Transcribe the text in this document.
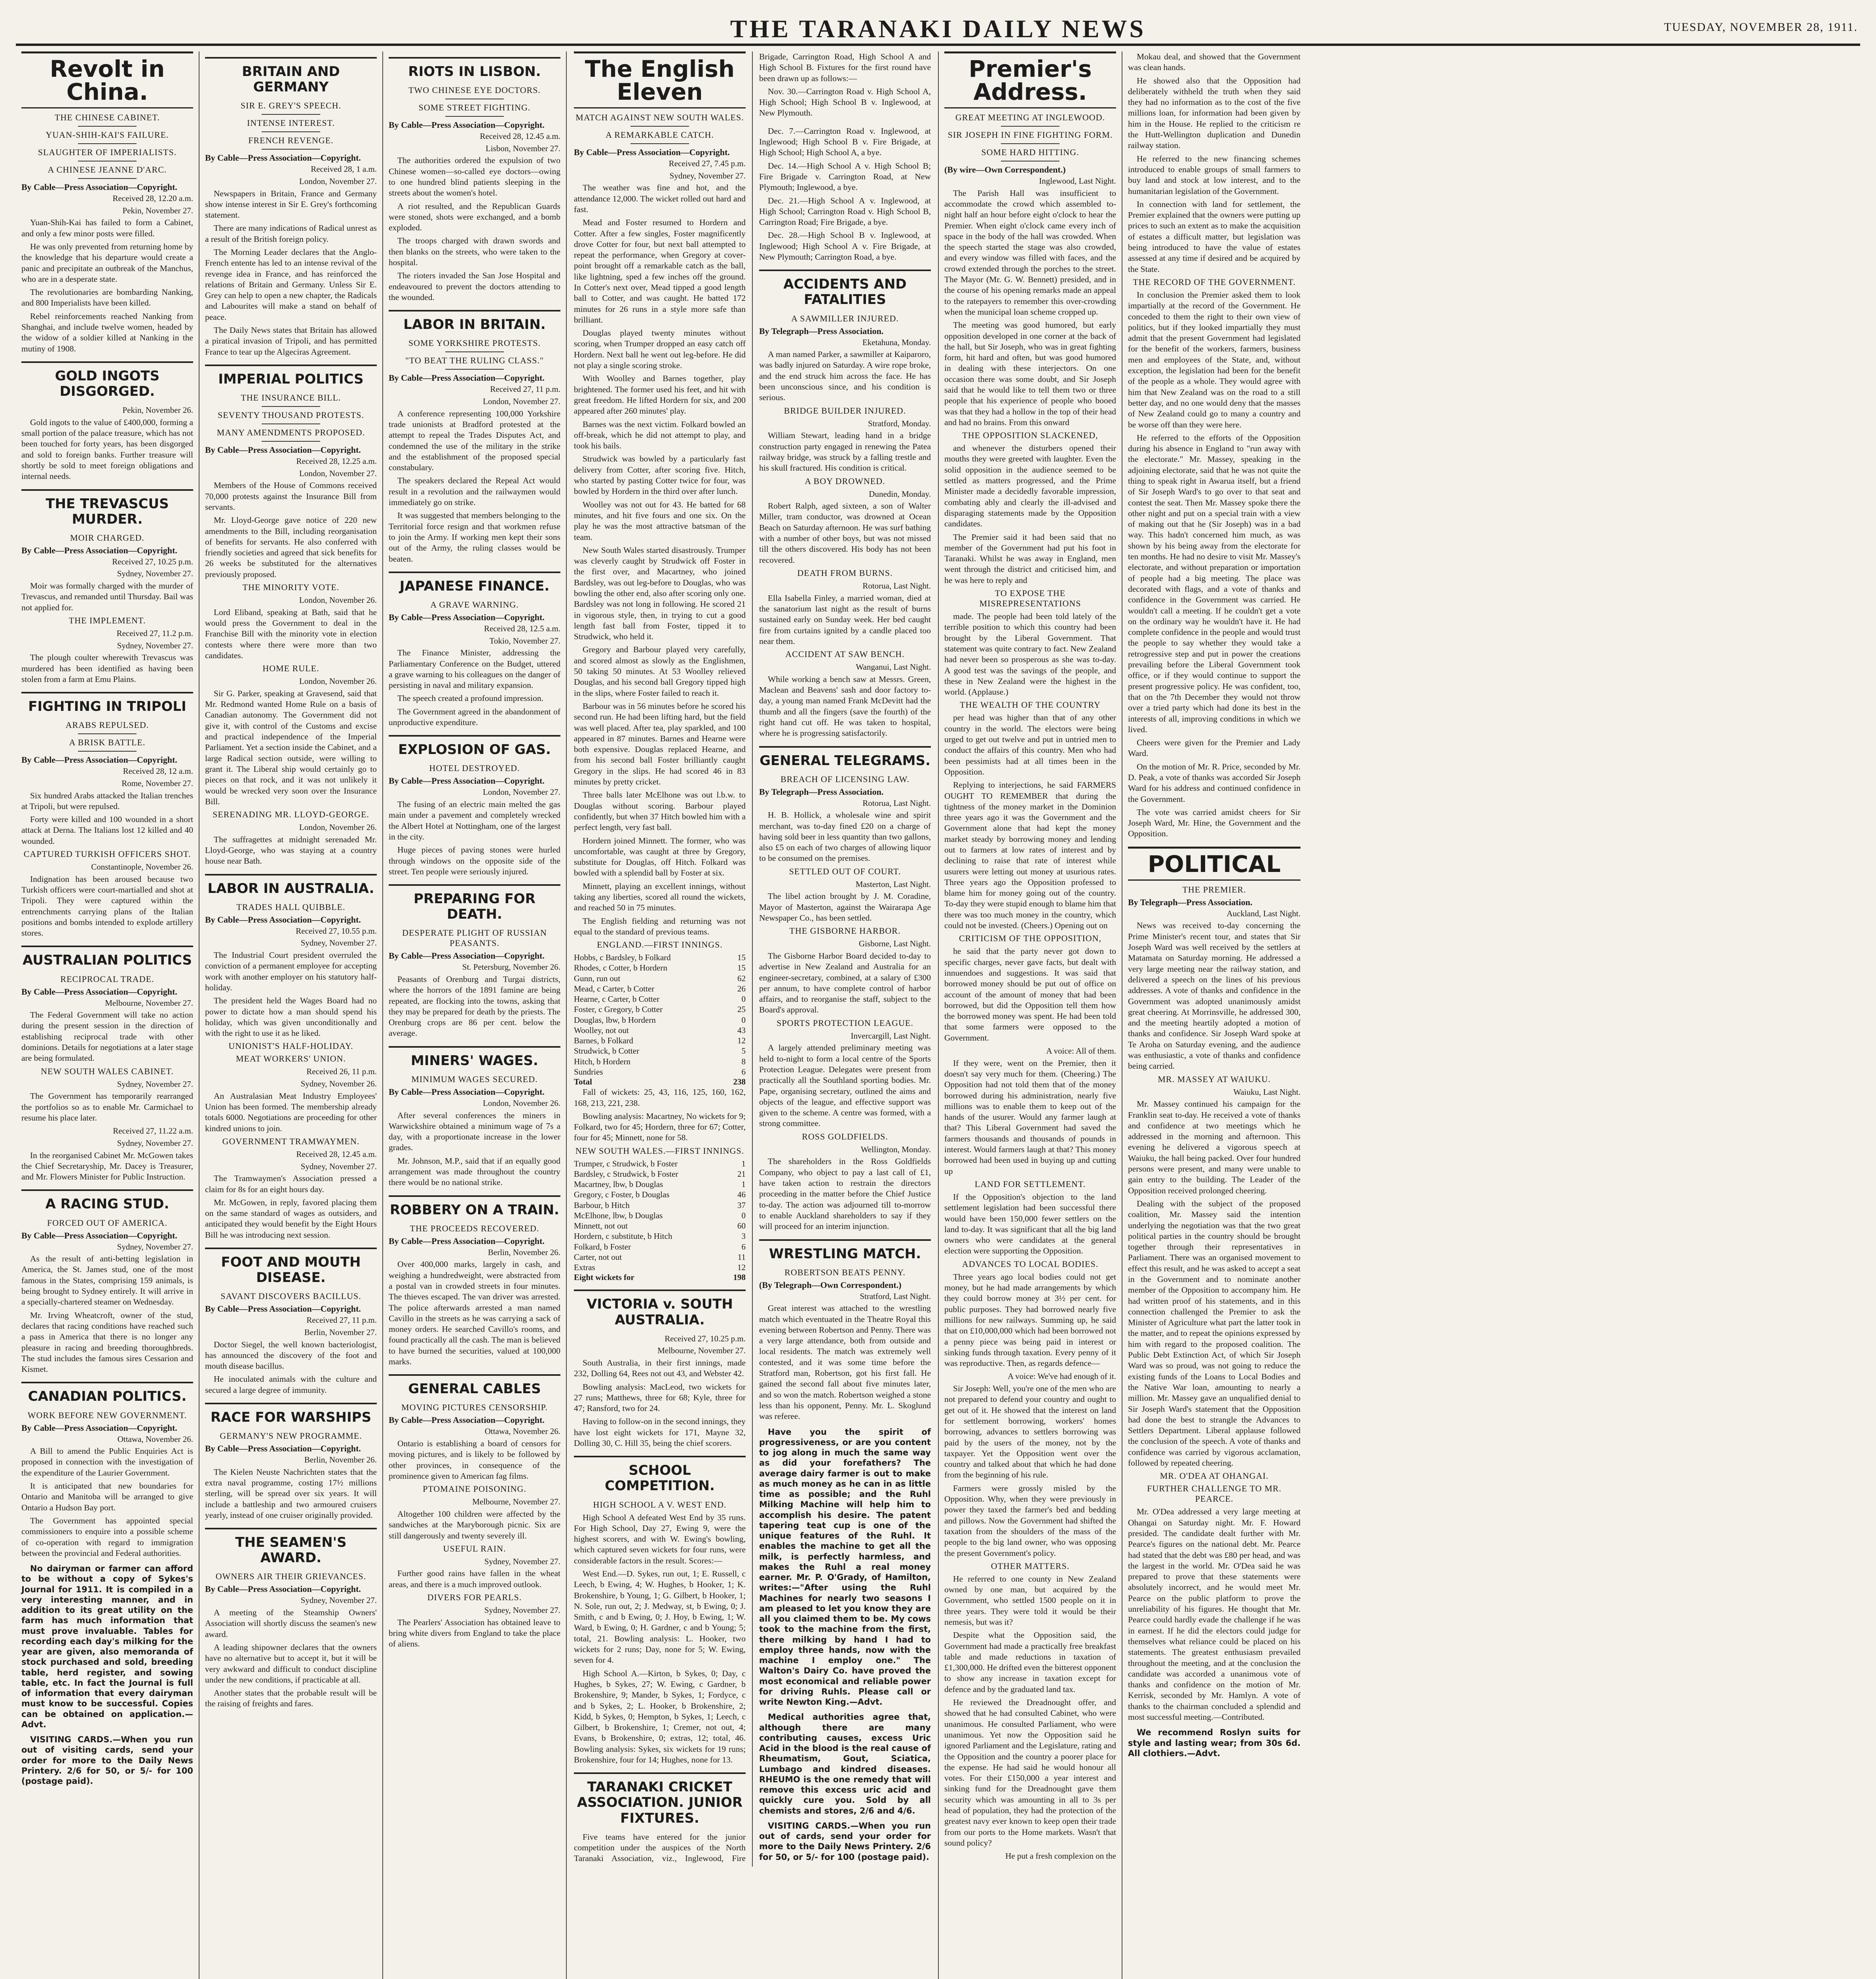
THE TARANAKI DAILY NEWS	TUESDAY, NOVEMBER 28, 1911.
Revolt in China.
THE CHINESE CABINET.
YUAN-SHIH-KAI'S FAILURE.
SLAUGHTER OF IMPERIALISTS.
A CHINESE JEANNE D'ARC.
By Cable—Press Association—Copyright.

Received 28, 12.20 a.m.

Pekin, November 27.

Yuan-Shih-Kai has failed to form a Cabinet, and only a few minor posts were filled.

He was only prevented from returning home by the knowledge that his departure would create a panic and precipitate an outbreak of the Manchus, who are in a desperate state.

The revolutionaries are bombarding Nanking, and 800 Imperialists have been killed.

Rebel reinforcements reached Nanking from Shanghai, and include twelve women, headed by the widow of a soldier killed at Nanking in the mutiny of 1908.

GOLD INGOTS DISGORGED.

Pekin, November 26.

Gold ingots to the value of £400,000, forming a small portion of the palace treasure, which has not been touched for forty years, has been disgorged and sold to foreign banks. Further treasure will shortly be sold to meet foreign obligations and internal needs.

THE TREVASCUS MURDER.
MOIR CHARGED.
By Cable—Press Association—Copyright.

Received 27, 10.25 p.m.

Sydney, November 27.

Moir was formally charged with the murder of Trevascus, and remanded until Thursday. Bail was not applied for.

THE IMPLEMENT.

Received 27, 11.2 p.m.

Sydney, November 27.

The plough coulter wherewith Trevascus was murdered has been identified as having been stolen from a farm at Emu Plains.

FIGHTING IN TRIPOLI
ARABS REPULSED.
A BRISK BATTLE.
By Cable—Press Association—Copyright.

Received 28, 12 a.m.

Rome, November 27.

Six hundred Arabs attacked the Italian trenches at Tripoli, but were repulsed.

Forty were killed and 100 wounded in a short attack at Derna. The Italians lost 12 killed and 40 wounded.

CAPTURED TURKISH OFFICERS SHOT.

Constantinople, November 26.

Indignation has been aroused because two Turkish officers were court-martialled and shot at Tripoli. They were captured within the entrenchments carrying plans of the Italian positions and bombs intended to explode artillery stores.

AUSTRALIAN POLITICS
RECIPROCAL TRADE.
By Cable—Press Association—Copyright.

Melbourne, November 27.

The Federal Government will take no action during the present session in the direction of establishing reciprocal trade with other dominions. Details for negotiations at a later stage are being formulated.

NEW SOUTH WALES CABINET.

Sydney, November 27.

The Government has temporarily rearranged the portfolios so as to enable Mr. Carmichael to resume his place later.

Received 27, 11.22 a.m.

Sydney, November 27.

In the reorganised Cabinet Mr. McGowen takes the Chief Secretaryship, Mr. Dacey is Treasurer, and Mr. Flowers Minister for Public Instruction.

A RACING STUD.
FORCED OUT OF AMERICA.
By Cable—Press Association—Copyright.

Sydney, November 27.

As the result of anti-betting legislation in America, the St. James stud, one of the most famous in the States, comprising 159 animals, is being brought to Sydney entirely. It will arrive in a specially-chartered steamer on Wednesday.

Mr. Irving Wheatcroft, owner of the stud, declares that racing conditions have reached such a pass in America that there is no longer any pleasure in racing and breeding thoroughbreds. The stud includes the famous sires Cessarion and Kismet.

CANADIAN POLITICS.
WORK BEFORE NEW GOVERNMENT.
By Cable—Press Association—Copyright.

Ottawa, November 26.

A Bill to amend the Public Enquiries Act is proposed in connection with the investigation of the expenditure of the Laurier Government.

It is anticipated that new boundaries for Ontario and Manitoba will be arranged to give Ontario a Hudson Bay port.

The Government has appointed special commissioners to enquire into a possible scheme of co-operation with regard to immigration between the provincial and Federal authorities.

No dairyman or farmer can afford to be without a copy of Sykes's Journal for 1911. It is compiled in a very interesting manner, and in addition to its great utility on the farm has much information that must prove invaluable. Tables for recording each day's milking for the year are given, also memoranda of stock purchased and sold, breeding table, herd register, and sowing table, etc. In fact the Journal is full of information that every dairyman must know to be successful. Copies can be obtained on application.—Advt.

VISITING CARDS.—When you run out of visiting cards, send your order for more to the Daily News Printery. 2/6 for 50, or 5/- for 100 (postage paid).

BRITAIN AND GERMANY
SIR E. GREY'S SPEECH.
INTENSE INTEREST.
FRENCH REVENGE.
By Cable—Press Association—Copyright.

Received 28, 1 a.m.

London, November 27.

Newspapers in Britain, France and Germany show intense interest in Sir E. Grey's forthcoming statement.

There are many indications of Radical unrest as a result of the British foreign policy.

The Morning Leader declares that the Anglo-French entente has led to an intense revival of the revenge idea in France, and has reinforced the relations of Britain and Germany. Unless Sir E. Grey can help to open a new chapter, the Radicals and Labourites will make a stand on behalf of peace.

The Daily News states that Britain has allowed a piratical invasion of Tripoli, and has permitted France to tear up the Algeciras Agreement.

IMPERIAL POLITICS
THE INSURANCE BILL.
SEVENTY THOUSAND PROTESTS.
MANY AMENDMENTS PROPOSED.
By Cable—Press Association—Copyright.

Received 28, 12.25 a.m.

London, November 27.

Members of the House of Commons received 70,000 protests against the Insurance Bill from servants.

Mr. Lloyd-George gave notice of 220 new amendments to the Bill, including reorganisation of benefits for servants. He also conferred with friendly societies and agreed that sick benefits for 26 weeks be substituted for the alternatives previously proposed.

THE MINORITY VOTE.

London, November 26.

Lord Eliband, speaking at Bath, said that he would press the Government to deal in the Franchise Bill with the minority vote in election contests where there were more than two candidates.

HOME RULE.

London, November 26.

Sir G. Parker, speaking at Gravesend, said that Mr. Redmond wanted Home Rule on a basis of Canadian autonomy. The Government did not give it, with control of the Customs and excise and practical independence of the Imperial Parliament. Yet a section inside the Cabinet, and a large Radical section outside, were willing to grant it. The Liberal ship would certainly go to pieces on that rock, and it was not unlikely it would be wrecked very soon over the Insurance Bill.

SERENADING MR. LLOYD-GEORGE.

London, November 26.

The suffragettes at midnight serenaded Mr. Lloyd-George, who was staying at a country house near Bath.

LABOR IN AUSTRALIA.
TRADES HALL QUIBBLE.
By Cable—Press Association—Copyright.

Received 27, 10.55 p.m.

Sydney, November 27.

The Industrial Court president overruled the conviction of a permanent employee for accepting work with another employer on his statutory half-holiday.

The president held the Wages Board had no power to dictate how a man should spend his holiday, which was given unconditionally and with the right to use it as he liked.

UNIONIST'S HALF-HOLIDAY.
MEAT WORKERS' UNION.

Received 26, 11 p.m.

Sydney, November 26.

An Australasian Meat Industry Employees' Union has been formed. The membership already totals 6000. Negotiations are proceeding for other kindred unions to join.

GOVERNMENT TRAMWAYMEN.

Received 28, 12.45 a.m.

Sydney, November 27.

The Tramwaymen's Association pressed a claim for 8s for an eight hours day.

Mr. McGowen, in reply, favored placing them on the same standard of wages as outsiders, and anticipated they would benefit by the Eight Hours Bill he was introducing next session.

FOOT AND MOUTH DISEASE.
SAVANT DISCOVERS BACILLUS.
By Cable—Press Association—Copyright.

Received 27, 11 p.m.

Berlin, November 27.

Doctor Siegel, the well known bacteriologist, has announced the discovery of the foot and mouth disease bacillus.

He inoculated animals with the culture and secured a large degree of immunity.

RACE FOR WARSHIPS
GERMANY'S NEW PROGRAMME.
By Cable—Press Association—Copyright.

Berlin, November 26.

The Kielen Neuste Nachrichten states that the extra naval programme, costing 17½ millions sterling, will be spread over six years. It will include a battleship and two armoured cruisers yearly, instead of one cruiser originally provided.

THE SEAMEN'S AWARD.
OWNERS AIR THEIR GRIEVANCES.
By Cable—Press Association—Copyright.

Sydney, November 27.

A meeting of the Steamship Owners' Association will shortly discuss the seamen's new award.

A leading shipowner declares that the owners have no alternative but to accept it, but it will be very awkward and difficult to conduct discipline under the new conditions, if practicable at all.

Another states that the probable result will be the raising of freights and fares.

RIOTS IN LISBON.
TWO CHINESE EYE DOCTORS.
SOME STREET FIGHTING.
By Cable—Press Association—Copyright.

Received 28, 12.45 a.m.

Lisbon, November 27.

The authorities ordered the expulsion of two Chinese women—so-called eye doctors—owing to one hundred blind patients sleeping in the streets about the women's hotel.

A riot resulted, and the Republican Guards were stoned, shots were exchanged, and a bomb exploded.

The troops charged with drawn swords and then blanks on the streets, who were taken to the hospital.

The rioters invaded the San Jose Hospital and endeavoured to prevent the doctors attending to the wounded.

LABOR IN BRITAIN.
SOME YORKSHIRE PROTESTS.
"TO BEAT THE RULING CLASS."
By Cable—Press Association—Copyright.

Received 27, 11 p.m.

London, November 27.

A conference representing 100,000 Yorkshire trade unionists at Bradford protested at the attempt to repeal the Trades Disputes Act, and condemned the use of the military in the strike and the establishment of the proposed special constabulary.

The speakers declared the Repeal Act would result in a revolution and the railwaymen would immediately go on strike.

It was suggested that members belonging to the Territorial force resign and that workmen refuse to join the Army. If working men kept their sons out of the Army, the ruling classes would be beaten.

JAPANESE FINANCE.
A GRAVE WARNING.
By Cable—Press Association—Copyright.

Received 28, 12.5 a.m.

Tokio, November 27.

The Finance Minister, addressing the Parliamentary Conference on the Budget, uttered a grave warning to his colleagues on the danger of persisting in naval and military expansion.

The speech created a profound impression.

The Government agreed in the abandonment of unproductive expenditure.

EXPLOSION OF GAS.
HOTEL DESTROYED.
By Cable—Press Association—Copyright.

London, November 27.

The fusing of an electric main melted the gas main under a pavement and completely wrecked the Albert Hotel at Nottingham, one of the largest in the city.

Huge pieces of paving stones were hurled through windows on the opposite side of the street. Ten people were seriously injured.

PREPARING FOR DEATH.
DESPERATE PLIGHT OF RUSSIAN PEASANTS.
By Cable—Press Association—Copyright.

St. Petersburg, November 26.

Peasants of Orenburg and Turgai districts, where the horrors of the 1891 famine are being repeated, are flocking into the towns, asking that they may be prepared for death by the priests. The Orenburg crops are 86 per cent. below the average.

MINERS' WAGES.
MINIMUM WAGES SECURED.
By Cable—Press Association—Copyright.

London, November 26.

After several conferences the miners in Warwickshire obtained a minimum wage of 7s a day, with a proportionate increase in the lower grades.

Mr. Johnson, M.P., said that if an equally good arrangement was made throughout the country there would be no national strike.

ROBBERY ON A TRAIN.
THE PROCEEDS RECOVERED.
By Cable—Press Association—Copyright.

Berlin, November 26.

Over 400,000 marks, largely in cash, and weighing a hundredweight, were abstracted from a postal van in crowded streets in four minutes. The thieves escaped. The van driver was arrested. The police afterwards arrested a man named Cavillo in the streets as he was carrying a sack of money orders. He searched Cavillo's rooms, and found practically all the cash. The man is believed to have burned the securities, valued at 100,000 marks.

GENERAL CABLES
MOVING PICTURES CENSORSHIP.
By Cable—Press Association—Copyright.

Ottawa, November 26.

Ontario is establishing a board of censors for moving pictures, and is likely to be followed by other provinces, in consequence of the prominence given to American fag films.

PTOMAINE POISONING.

Melbourne, November 27.

Altogether 100 children were affected by the sandwiches at the Maryborough picnic. Six are still dangerously and twenty severely ill.

USEFUL RAIN.

Sydney, November 27.

Further good rains have fallen in the wheat areas, and there is a much improved outlook.

DIVERS FOR PEARLS.

Sydney, November 27.

The Pearlers' Association has obtained leave to bring white divers from England to take the place of aliens.

The English Eleven
MATCH AGAINST NEW SOUTH WALES.
A REMARKABLE CATCH.
By Cable—Press Association—Copyright.

Received 27, 7.45 p.m.

Sydney, November 27.

The weather was fine and hot, and the attendance 12,000. The wicket rolled out hard and fast.

Mead and Foster resumed to Hordern and Cotter. After a few singles, Foster magnificently drove Cotter for four, but next ball attempted to repeat the performance, when Gregory at cover-point brought off a remarkable catch as the ball, like lightning, sped a few inches off the ground. In Cotter's next over, Mead tipped a good length ball to Cotter, and was caught. He batted 172 minutes for 26 runs in a style more safe than brilliant.

Douglas played twenty minutes without scoring, when Trumper dropped an easy catch off Hordern. Next ball he went out leg-before. He did not play a single scoring stroke.

With Woolley and Barnes together, play brightened. The former used his feet, and hit with great freedom. He lifted Hordern for six, and 200 appeared after 260 minutes' play.

Barnes was the next victim. Folkard bowled an off-break, which he did not attempt to play, and took his bails.

Strudwick was bowled by a particularly fast delivery from Cotter, after scoring five. Hitch, who started by pasting Cotter twice for four, was bowled by Hordern in the third over after lunch.

Woolley was not out for 43. He batted for 68 minutes, and hit five fours and one six. On the play he was the most attractive batsman of the team.

New South Wales started disastrously. Trumper was cleverly caught by Strudwick off Foster in the first over, and Macartney, who joined Bardsley, was out leg-before to Douglas, who was bowling the other end, also after scoring only one. Bardsley was not long in following. He scored 21 in vigorous style, then, in trying to cut a good length fast ball from Foster, tipped it to Strudwick, who held it.

Gregory and Barbour played very carefully, and scored almost as slowly as the Englishmen, 50 taking 50 minutes. At 53 Woolley relieved Douglas, and his second ball Gregory tipped high in the slips, where Foster failed to reach it.

Barbour was in 56 minutes before he scored his second run. He had been lifting hard, but the field was well placed. After tea, play sparkled, and 100 appeared in 87 minutes. Barnes and Hearne were both expensive. Douglas replaced Hearne, and from his second ball Foster brilliantly caught Gregory in the slips. He had scored 46 in 83 minutes by pretty cricket.

Three balls later McElhone was out l.b.w. to Douglas without scoring. Barbour played confidently, but when 37 Hitch bowled him with a perfect length, very fast ball.

Hordern joined Minnett. The former, who was uncomfortable, was caught at three by Gregory, substitute for Douglas, off Hitch. Folkard was bowled with a splendid ball by Foster at six.

Minnett, playing an excellent innings, without taking any liberties, scored all round the wickets, and reached 50 in 75 minutes.

The English fielding and returning was not equal to the standard of previous teams.

ENGLAND.—FIRST INNINGS.
Hobbs, c Bardsley, b Folkard	15
Rhodes, c Cotter, b Hordern	15
Gunn, run out	62
Mead, c Carter, b Cotter	26
Hearne, c Carter, b Cotter	0
Foster, c Gregory, b Cotter	25
Douglas, lbw, b Hordern	0
Woolley, not out	43
Barnes, b Folkard	12
Strudwick, b Cotter	5
Hitch, b Hordern	8
Sundries	6
Total	238

Fall of wickets: 25, 43, 116, 125, 160, 162, 168, 213, 221, 238.

Bowling analysis: Macartney, No wickets for 9; Folkard, two for 45; Hordern, three for 67; Cotter, four for 45; Minnett, none for 58.

NEW SOUTH WALES.—FIRST INNINGS.
Trumper, c Strudwick, b Foster	1
Bardsley, c Strudwick, b Foster	21
Macartney, lbw, b Douglas	1
Gregory, c Foster, b Douglas	46
Barbour, b Hitch	37
McElhone, lbw, b Douglas	0
Minnett, not out	60
Hordern, c substitute, b Hitch	3
Folkard, b Foster	6
Carter, not out	11
Extras	12
Eight wickets for	198
VICTORIA v. SOUTH AUSTRALIA.

Received 27, 10.25 p.m.

Melbourne, November 27.

South Australia, in their first innings, made 232, Dolling 64, Rees not out 43, and Webster 42.

Bowling analysis: MacLeod, two wickets for 27 runs; Matthews, three for 68; Kyle, three for 47; Ransford, two for 24.

Having to follow-on in the second innings, they have lost eight wickets for 171, Mayne 32, Dolling 30, C. Hill 35, being the chief scorers.

SCHOOL COMPETITION.
HIGH SCHOOL A V. WEST END.

High School A defeated West End by 35 runs. For High School, Day 27, Ewing 9, were the highest scorers, and with W. Ewing's bowling, which captured seven wickets for four runs, were considerable factors in the result. Scores:—

West End.—D. Sykes, run out, 1; E. Russell, c Leech, b Ewing, 4; W. Hughes, b Hooker, 1; K. Brokenshire, b Young, 1; G. Gilbert, b Hooker, 1; N. Sole, run out, 2; J. Medway, st, b Ewing, 0; J. Smith, c and b Ewing, 0; J. Hoy, b Ewing, 1; W. Ward, b Ewing, 0; H. Gardner, c and b Young; 5; total, 21. Bowling analysis: L. Hooker, two wickets for 2 runs; Day, none for 5; W. Ewing, seven for 4.

High School A.—Kirton, b Sykes, 0; Day, c Hughes, b Sykes, 27; W. Ewing, c Gardner, b Brokenshire, 9; Mander, b Sykes, 1; Fordyce, c and b Sykes, 2; L. Hooker, b Brokenshire, 2; Kidd, b Sykes, 0; Hempton, b Sykes, 1; Leech, c Gilbert, b Brokenshire, 1; Cremer, not out, 4; Evans, b Brokenshire, 0; extras, 12; total, 46. Bowling analysis: Sykes, six wickets for 19 runs; Brokenshire, four for 14; Hughes, none for 13.

TARANAKI CRICKET ASSOCIATION. JUNIOR FIXTURES.

Five teams have entered for the junior competition under the auspices of the North Taranaki Association, viz., Inglewood, Fire Brigade, Carrington Road, High School A and High School B. Fixtures for the first round have been drawn up as follows:—

Nov. 30.—Carrington Road v. High School A, High School; High School B v. Inglewood, at New Plymouth.

Dec. 7.—Carrington Road v. Inglewood, at Inglewood; High School B v. Fire Brigade, at High School; High School A, a bye.

Dec. 14.—High School A v. High School B; Fire Brigade v. Carrington Road, at New Plymouth; Inglewood, a bye.

Dec. 21.—High School A v. Inglewood, at High School; Carrington Road v. High School B, Carrington Road; Fire Brigade, a bye.

Dec. 28.—High School B v. Inglewood, at Inglewood; High School A v. Fire Brigade, at New Plymouth; Carrington Road, a bye.

ACCIDENTS AND FATALITIES
A SAWMILLER INJURED.
By Telegraph—Press Association.

Eketahuna, Monday.

A man named Parker, a sawmiller at Kaiparoro, was badly injured on Saturday. A wire rope broke, and the end struck him across the face. He has been unconscious since, and his condition is serious.

BRIDGE BUILDER INJURED.

Stratford, Monday.

William Stewart, leading hand in a bridge construction party engaged in renewing the Patea railway bridge, was struck by a falling trestle and his skull fractured. His condition is critical.

A BOY DROWNED.

Dunedin, Monday.

Robert Ralph, aged sixteen, a son of Walter Miller, tram conductor, was drowned at Ocean Beach on Saturday afternoon. He was surf bathing with a number of other boys, but was not missed till the others discovered. His body has not been recovered.

DEATH FROM BURNS.

Rotorua, Last Night.

Ella Isabella Finley, a married woman, died at the sanatorium last night as the result of burns sustained early on Sunday week. Her bed caught fire from curtains ignited by a candle placed too near them.

ACCIDENT AT SAW BENCH.

Wanganui, Last Night.

While working a bench saw at Messrs. Green, Maclean and Beavens' sash and door factory to-day, a young man named Frank McDevitt had the thumb and all the fingers (save the fourth) of the right hand cut off. He was taken to hospital, where he is progressing satisfactorily.

GENERAL TELEGRAMS.
BREACH OF LICENSING LAW.
By Telegraph—Press Association.

Rotorua, Last Night.

H. B. Hollick, a wholesale wine and spirit merchant, was to-day fined £20 on a charge of having sold beer in less quantity than two gallons, also £5 on each of two charges of allowing liquor to be consumed on the premises.

SETTLED OUT OF COURT.

Masterton, Last Night.

The libel action brought by J. M. Coradine, Mayor of Masterton, against the Wairarapa Age Newspaper Co., has been settled.

THE GISBORNE HARBOR.

Gisborne, Last Night.

The Gisborne Harbor Board decided to-day to advertise in New Zealand and Australia for an engineer-secretary, combined, at a salary of £300 per annum, to have complete control of harbor affairs, and to reorganise the staff, subject to the Board's approval.

SPORTS PROTECTION LEAGUE.

Invercargill, Last Night.

A largely attended preliminary meeting was held to-night to form a local centre of the Sports Protection League. Delegates were present from practically all the Southland sporting bodies. Mr. Pape, organising secretary, outlined the aims and objects of the league, and effective support was given to the scheme. A centre was formed, with a strong committee.

ROSS GOLDFIELDS.

Wellington, Monday.

The shareholders in the Ross Goldfields Company, who object to pay a last call of £1, have taken action to restrain the directors proceeding in the matter before the Chief Justice to-day. The action was adjourned till to-morrow to enable Auckland shareholders to say if they will proceed for an interim injunction.

WRESTLING MATCH.
ROBERTSON BEATS PENNY.
(By Telegraph—Own Correspondent.)

Stratford, Last Night.

Great interest was attached to the wrestling match which eventuated in the Theatre Royal this evening between Robertson and Penny. There was a very large attendance, both from outside and local residents. The match was extremely well contested, and it was some time before the Stratford man, Robertson, got his first fall. He gained the second fall about five minutes later, and so won the match. Robertson weighed a stone less than his opponent, Penny. Mr. L. Skoglund was referee.

Have you the spirit of progressiveness, or are you content to jog along in much the same way as did your forefathers? The average dairy farmer is out to make as much money as he can in as little time as possible; and the Ruhl Milking Machine will help him to accomplish his desire. The patent tapering teat cup is one of the unique features of the Ruhl. It enables the machine to get all the milk, is perfectly harmless, and makes the Ruhl a real money earner. Mr. P. O'Grady, of Hamilton, writes:—"After using the Ruhl Machines for nearly two seasons I am pleased to let you know they are all you claimed them to be. My cows took to the machine from the first, there milking by hand I had to employ three hands, now with the machine I employ one." The Walton's Dairy Co. have proved the most economical and reliable power for driving Ruhls. Please call or write Newton King.—Advt.

Medical authorities agree that, although there are many contributing causes, excess Uric Acid in the blood is the real cause of Rheumatism, Gout, Sciatica, Lumbago and kindred diseases. RHEUMO is the one remedy that will remove this excess uric acid and quickly cure you. Sold by all chemists and stores, 2/6 and 4/6.

VISITING CARDS.—When you run out of cards, send your order for more to the Daily News Printery. 2/6 for 50, or 5/- for 100 (postage paid).

Premier's Address.
GREAT MEETING AT INGLEWOOD.
SIR JOSEPH IN FINE FIGHTING FORM.
SOME HARD HITTING.
(By wire—Own Correspondent.)

Inglewood, Last Night.

The Parish Hall was insufficient to accommodate the crowd which assembled to-night half an hour before eight o'clock to hear the Premier. When eight o'clock came every inch of space in the body of the hall was crowded. When the speech started the stage was also crowded, and every window was filled with faces, and the crowd extended through the porches to the street. The Mayor (Mr. G. W. Bennett) presided, and in the course of his opening remarks made an appeal to the ratepayers to remember this over-crowding when the municipal loan scheme cropped up.

The meeting was good humored, but early opposition developed in one corner at the back of the hall, but Sir Joseph, who was in great fighting form, hit hard and often, but was good humored in dealing with these interjectors. On one occasion there was some doubt, and Sir Joseph said that he would like to tell them two or three people that his experience of people who booed was that they had a hollow in the top of their head and had no brains. From this onward

THE OPPOSITION SLACKENED,

and whenever the disturbers opened their mouths they were greeted with laughter. Even the solid opposition in the audience seemed to be settled as matters progressed, and the Prime Minister made a decidedly favorable impression, combating ably and clearly the ill-advised and disparaging statements made by the Opposition candidates.

The Premier said it had been said that no member of the Government had put his foot in Taranaki. Whilst he was away in England, men went through the district and criticised him, and he was here to reply and

TO EXPOSE THE MISREPRESENTATIONS

made. The people had been told lately of the terrible position to which this country had been brought by the Liberal Government. That statement was quite contrary to fact. New Zealand had never been so prosperous as she was to-day. A good test was the savings of the people, and these in New Zealand were the highest in the world. (Applause.)

THE WEALTH OF THE COUNTRY

per head was higher than that of any other country in the world. The electors were being urged to get out twelve and put in untried men to conduct the affairs of this country. Men who had been pessimists had at all times been in the Opposition.

Replying to interjections, he said FARMERS OUGHT TO REMEMBER that during the tightness of the money market in the Dominion three years ago it was the Government and the Government alone that had kept the money market steady by borrowing money and lending out to farmers at low rates of interest and by declining to raise that rate of interest while usurers were letting out money at usurious rates. Three years ago the Opposition professed to blame him for money going out of the country. To-day they were stupid enough to blame him that there was too much money in the country, which could not be invested. (Cheers.) Opening out on

CRITICISM OF THE OPPOSITION,

he said that the party never got down to specific charges, never gave facts, but dealt with innuendoes and suggestions. It was said that borrowed money should be put out of office on account of the amount of money that had been borrowed, but did the Opposition tell them how the borrowed money was spent. He had been told that some farmers were opposed to the Government.

A voice: All of them.

If they were, went on the Premier, then it doesn't say very much for them. (Cheering.) The Opposition had not told them that of the money borrowed during his administration, nearly five millions was to enable them to keep out of the hands of the usurer. Would any farmer laugh at that? This Liberal Government had saved the farmers thousands and thousands of pounds in interest. Would farmers laugh at that? This money borrowed had been used in buying up and cutting up

LAND FOR SETTLEMENT.

If the Opposition's objection to the land settlement legislation had been successful there would have been 150,000 fewer settlers on the land to-day. It was significant that all the big land owners who were candidates at the general election were supporting the Opposition.

ADVANCES TO LOCAL BODIES.

Three years ago local bodies could not get money, but he had made arrangements by which they could borrow money at 3½ per cent. for public purposes. They had borrowed nearly five millions for new railways. Summing up, he said that on £10,000,000 which had been borrowed not a penny piece was being paid in interest or sinking funds through taxation. Every penny of it was reproductive. Then, as regards defence—

A voice: We've had enough of it.

Sir Joseph: Well, you're one of the men who are not prepared to defend your country and ought to get out of it. He showed that the interest on land for settlement borrowing, workers' homes borrowing, advances to settlers borrowing was paid by the users of the money, not by the taxpayer. Yet the Opposition went over the country and talked about that which he had done from the beginning of his rule.

Farmers were grossly misled by the Opposition. Why, when they were previously in power they taxed the farmer's bed and bedding and pillows. Now the Government had shifted the taxation from the shoulders of the mass of the people to the big land owner, who was opposing the present Government's policy.

OTHER MATTERS.

He referred to one county in New Zealand owned by one man, but acquired by the Government, who settled 1500 people on it in three years. They were told it would be their nemesis, but was it?

Despite what the Opposition said, the Government had made a practically free breakfast table and made reductions in taxation of £1,300,000. He drifted even the bitterest opponent to show any increase in taxation except for defence and by the graduated land tax.

He reviewed the Dreadnought offer, and showed that he had consulted Cabinet, who were unanimous. He consulted Parliament, who were unanimous. Yet now the Opposition said he ignored Parliament and the Legislature, rating and the Opposition and the country a poorer place for the expense. He had said he would honour all votes. For their £150,000 a year interest and sinking fund for the Dreadnought gave them security which was amounting in all to 3s per head of population, they had the protection of the greatest navy ever known to keep open their trade from our ports to the Home markets. Wasn't that sound policy?

He put a fresh complexion on the

Mokau deal, and showed that the Government was clean hands.

He showed also that the Opposition had deliberately withheld the truth when they said they had no information as to the cost of the five millions loan, for information had been given by him in the House. He replied to the criticism re the Hutt-Wellington duplication and Dunedin railway station.

He referred to the new financing schemes introduced to enable groups of small farmers to buy land and stock at low interest, and to the humanitarian legislation of the Government.

In connection with land for settlement, the Premier explained that the owners were putting up prices to such an extent as to make the acquisition of estates a difficult matter, but legislation was being introduced to have the value of estates assessed at any time if desired and be acquired by the State.

THE RECORD OF THE GOVERNMENT.

In conclusion the Premier asked them to look impartially at the record of the Government. He conceded to them the right to their own view of politics, but if they looked impartially they must admit that the present Government had legislated for the benefit of the workers, farmers, business men and employees of the State, and, without exception, the legislation had been for the benefit of the people as a whole. They would agree with him that New Zealand was on the road to a still better day, and no one would deny that the masses of New Zealand could go to many a country and be worse off than they were here.

He referred to the efforts of the Opposition during his absence in England to "run away with the electorate." Mr. Massey, speaking in the adjoining electorate, said that he was not quite the thing to speak right in Awarua itself, but a friend of Sir Joseph Ward's to go over to that seat and contest the seat. Then Mr. Massey spoke there the other night and put on a special train with a view of making out that he (Sir Joseph) was in a bad way. This hadn't concerned him much, as was shown by his being away from the electorate for ten months. He had no desire to visit Mr. Massey's electorate, and without preparation or importation of people had a big meeting. The place was decorated with flags, and a vote of thanks and confidence in the Government was carried. He wouldn't call a meeting. If he couldn't get a vote on the ordinary way he wouldn't have it. He had complete confidence in the people and would trust the people to say whether they would take a retrogressive step and put in power the creations prevailing before the Liberal Government took office, or if they would continue to support the present progressive policy. He was confident, too, that on the 7th December they would not throw over a tried party which had done its best in the interests of all, improving conditions in which we lived.

Cheers were given for the Premier and Lady Ward.

On the motion of Mr. R. Price, seconded by Mr. D. Peak, a vote of thanks was accorded Sir Joseph Ward for his address and continued confidence in the Government.

The vote was carried amidst cheers for Sir Joseph Ward, Mr. Hine, the Government and the Opposition.

POLITICAL
THE PREMIER.
By Telegraph—Press Association.

Auckland, Last Night.

News was received to-day concerning the Prime Minister's recent tour, and states that Sir Joseph Ward was well received by the settlers at Matamata on Saturday morning. He addressed a very large meeting near the railway station, and delivered a speech on the lines of his previous addresses. A vote of thanks and confidence in the Government was adopted unanimously amidst great cheering. At Morrinsville, he addressed 300, and the meeting heartily adopted a motion of thanks and confidence. Sir Joseph Ward spoke at Te Aroha on Saturday evening, and the audience was enthusiastic, a vote of thanks and confidence being carried.

MR. MASSEY AT WAIUKU.

Waiuku, Last Night.

Mr. Massey continued his campaign for the Franklin seat to-day. He received a vote of thanks and confidence at two meetings which he addressed in the morning and afternoon. This evening he delivered a vigorous speech at Waiuku, the hall being packed. Over four hundred persons were present, and many were unable to gain entry to the building. The Leader of the Opposition received prolonged cheering.

Dealing with the subject of the proposed coalition, Mr. Massey said the intention underlying the negotiation was that the two great political parties in the country should be brought together through their representatives in Parliament. There was an organised movement to effect this result, and he was asked to accept a seat in the Government and to nominate another member of the Opposition to accompany him. He had written proof of his statements, and in this connection challenged the Premier to ask the Minister of Agriculture what part the latter took in the matter, and to repeat the opinions expressed by him with regard to the proposed coalition. The Public Debt Extinction Act, of which Sir Joseph Ward was so proud, was not going to reduce the existing funds of the Loans to Local Bodies and the Native War loan, amounting to nearly a million. Mr. Massey gave an unqualified denial to Sir Joseph Ward's statement that the Opposition had done the best to strangle the Advances to Settlers Department. Liberal applause followed the conclusion of the speech. A vote of thanks and confidence was carried by vigorous acclamation, followed by repeated cheering.

MR. O'DEA AT OHANGAI.
FURTHER CHALLENGE TO MR. PEARCE.

Mr. O'Dea addressed a very large meeting at Ohangai on Saturday night. Mr. F. Howard presided. The candidate dealt further with Mr. Pearce's figures on the national debt. Mr. Pearce had stated that the debt was £80 per head, and was the largest in the world. Mr. O'Dea said he was prepared to prove that these statements were absolutely incorrect, and he would meet Mr. Pearce on the public platform to prove the unreliability of his figures. He thought that Mr. Pearce could hardly evade the challenge if he was in earnest. If he did the electors could judge for themselves what reliance could be placed on his statements. The greatest enthusiasm prevailed throughout the meeting, and at the conclusion the candidate was accorded a unanimous vote of thanks and confidence on the motion of Mr. Kerrisk, seconded by Mr. Hamlyn. A vote of thanks to the chairman concluded a splendid and most successful meeting.—Contributed.

We recommend Roslyn suits for style and lasting wear; from 30s 6d. All clothiers.—Advt.
